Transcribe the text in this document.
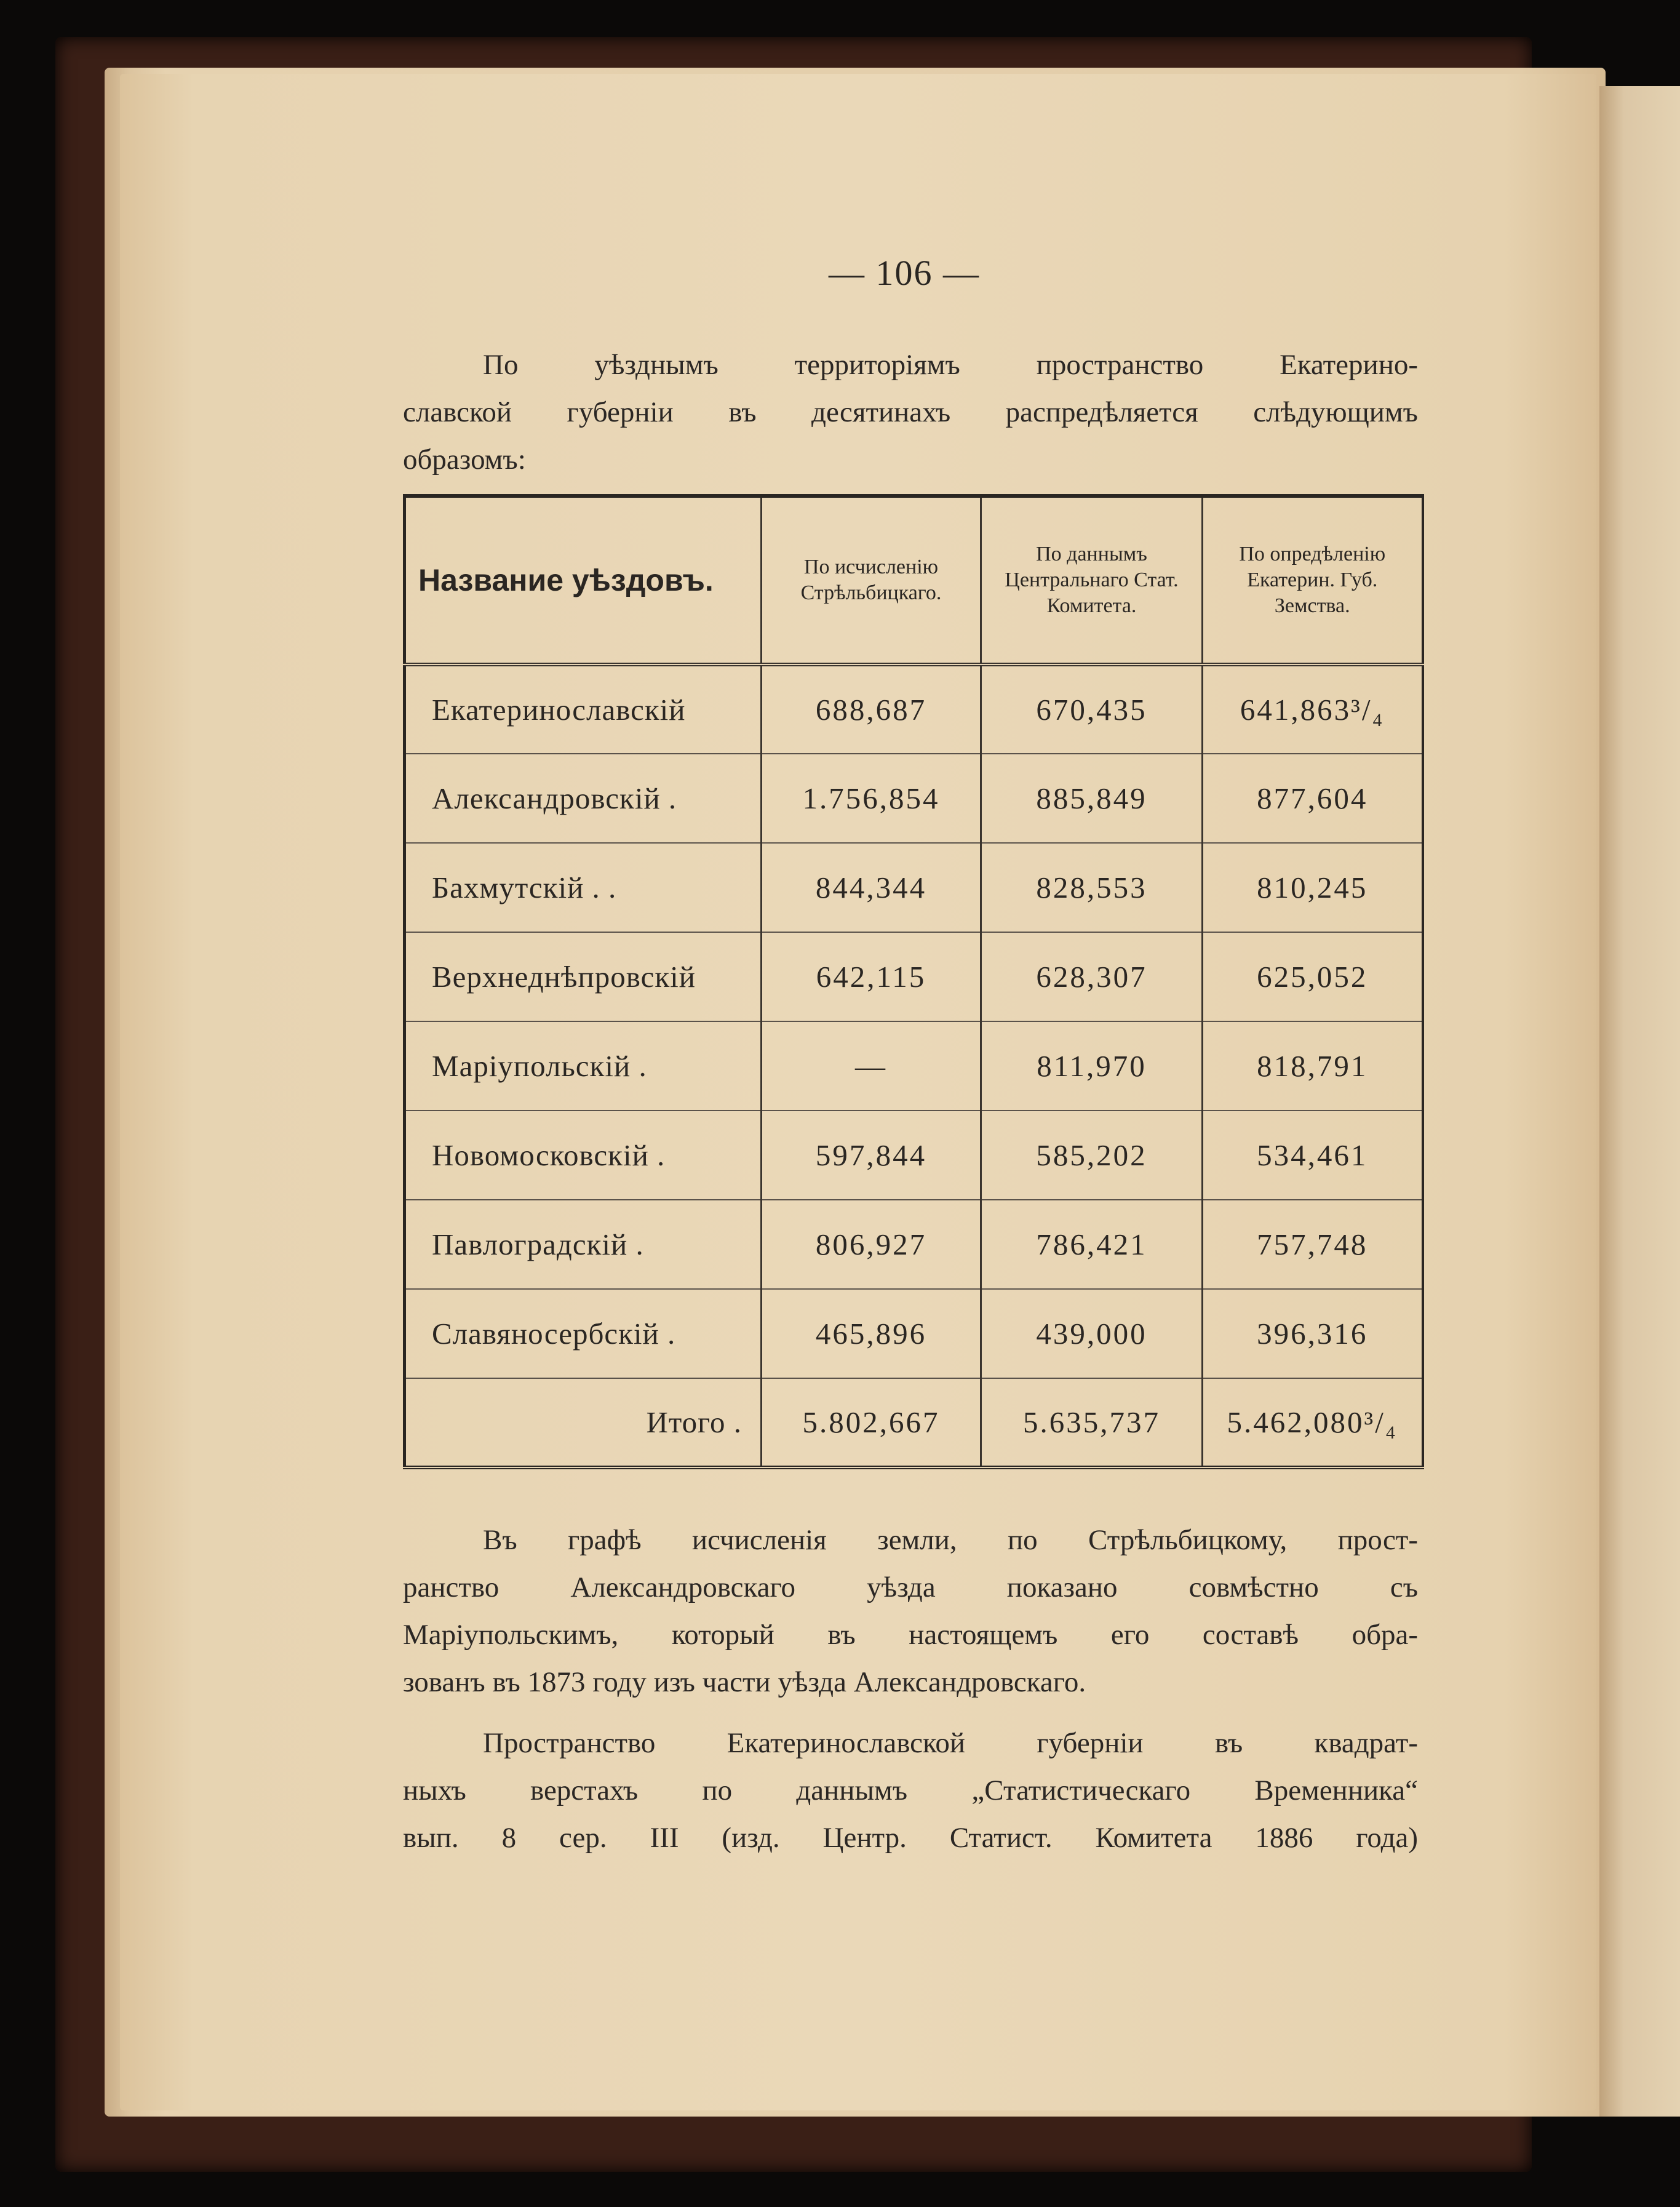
— 106 —

По уѣзднымъ территоріямъ пространство Екатерино-
славской губерніи въ десятинахъ распредѣляется слѣдующимъ
образомъ:

Название уѣздовъ.	По исчисленію Стрѣльбицкаго.	По даннымъ Центральнаго Стат. Комитета.	По опредѣленію Екатерин. Губ. Земства.
Екатеринославскій	688,687	670,435	641,863³/₄
Александровскій .	1.756,854	885,849	877,604
Бахмутскій . .	844,344	828,553	810,245
Верхнеднѣпровскій	642,115	628,307	625,052
Маріупольскій .	—	811,970	818,791
Новомосковскій .	597,844	585,202	534,461
Павлоградскій .	806,927	786,421	757,748
Славяносербскій .	465,896	439,000	396,316
Итого .	5.802,667	5.635,737	5.462,080³/₄

Въ графѣ исчисленія земли, по Стрѣльбицкому, прост-
ранство Александровскаго уѣзда показано совмѣстно съ
Маріупольскимъ, который въ настоящемъ его составѣ обра-
зованъ въ 1873 году изъ части уѣзда Александровскаго.

Пространство Екатеринославской губерніи въ квадрат-
ныхъ верстахъ по даннымъ „Статистическаго Временника“
вып. 8 сер. III (изд. Центр. Статист. Комитета 1886 года)
